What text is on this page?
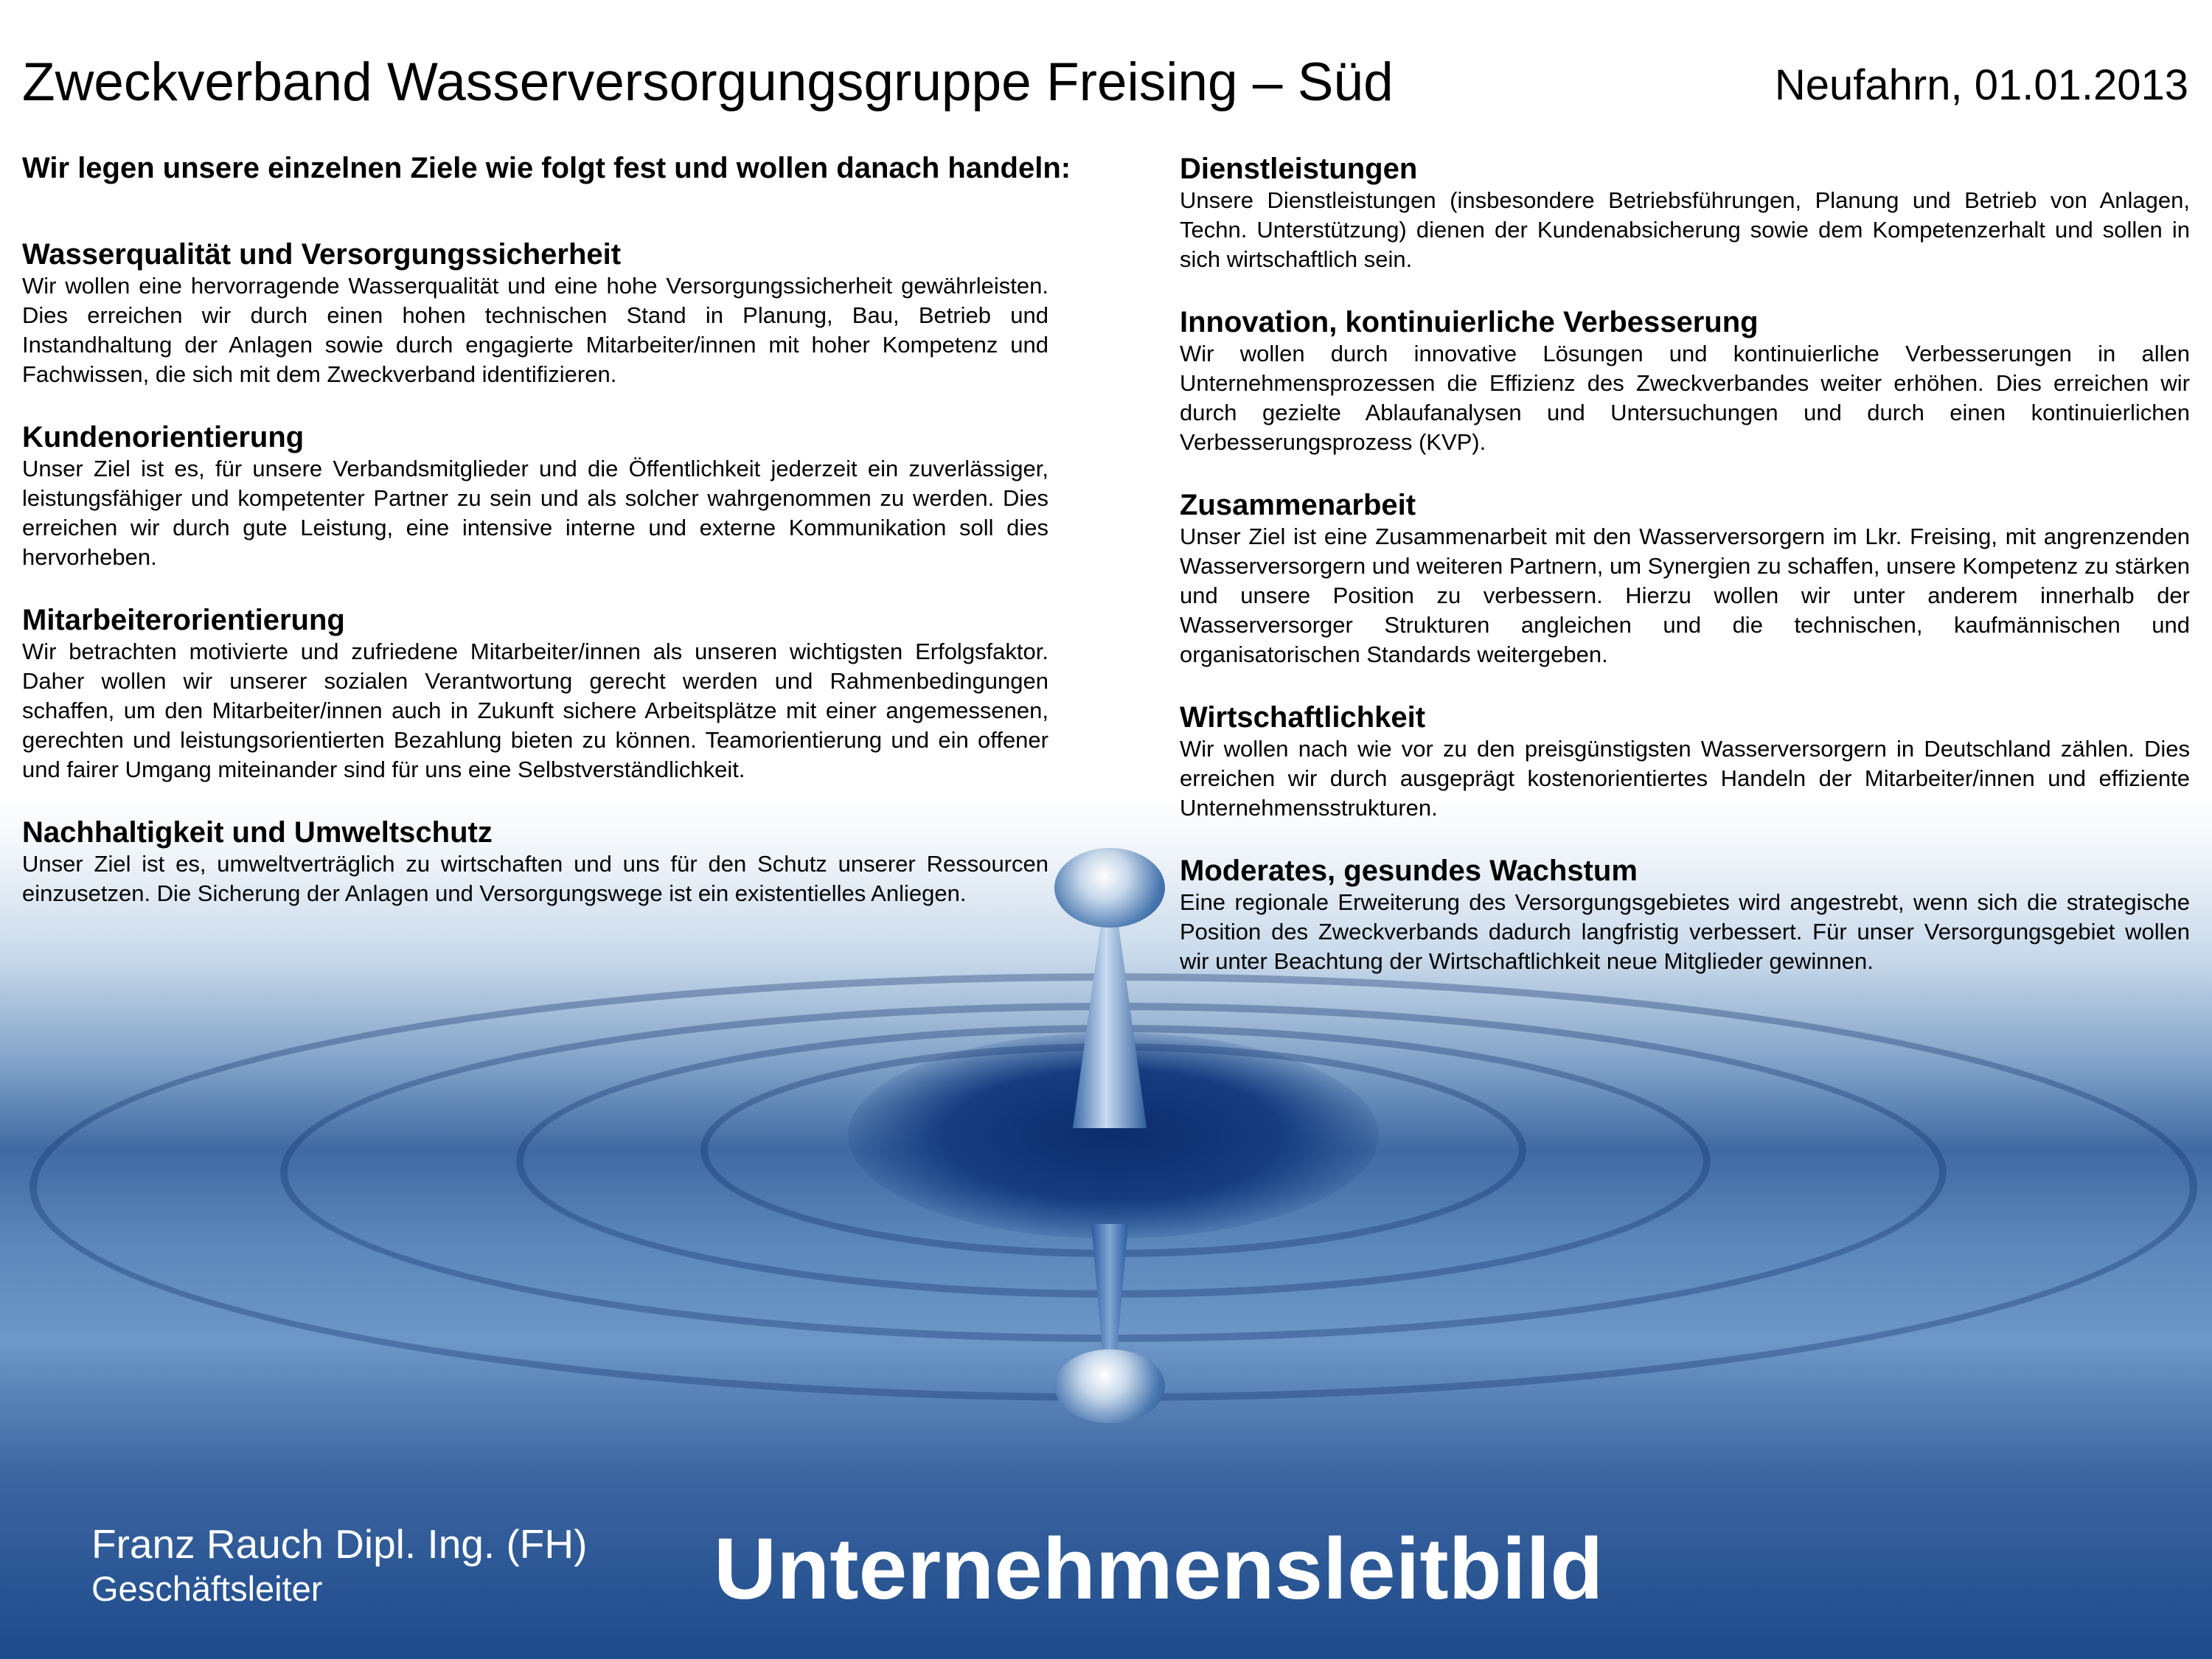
Zweckverband Wasserversorgungsgruppe Freising – Süd	Neufahrn, 01.01.2013
Wir legen unsere einzelnen Ziele wie folgt fest und wollen danach handeln:
Wasserqualität und Versorgungssicherheit

Wir wollen eine hervorragende Wasserqualität und eine hohe Versorgungssicherheit gewährleisten. Dies erreichen wir durch einen hohen technischen Stand in Planung, Bau, Betrieb und Instandhaltung der Anlagen sowie durch engagierte Mitarbeiter/innen mit hoher Kompetenz und Fachwissen, die sich mit dem Zweckverband identifizieren.

Kundenorientierung

Unser Ziel ist es, für unsere Verbandsmitglieder und die Öffentlichkeit jederzeit ein zuverlässiger, leistungsfähiger und kompetenter Partner zu sein und als solcher wahrgenommen zu werden. Dies erreichen wir durch gute Leistung, eine intensive interne und externe Kommunikation soll dies hervorheben.

Mitarbeiterorientierung

Wir betrachten motivierte und zufriedene Mitarbeiter/innen als unseren wichtigsten Erfolgsfaktor. Daher wollen wir unserer sozialen Verantwortung gerecht werden und Rahmenbedingungen schaffen, um den Mitarbeiter/innen auch in Zukunft sichere Arbeitsplätze mit einer angemessenen, gerechten und leistungsorientierten Bezahlung bieten zu können. Teamorientierung und ein offener und fairer Umgang miteinander sind für uns eine Selbstverständlichkeit.

Nachhaltigkeit und Umweltschutz

Unser Ziel ist es, umweltverträglich zu wirtschaften und uns für den Schutz unserer Ressourcen einzusetzen. Die Sicherung der Anlagen und Versorgungswege ist ein existentielles Anliegen.

Dienstleistungen

Unsere Dienstleistungen (insbesondere Betriebsführungen, Planung und Betrieb von Anlagen, Techn. Unterstützung) dienen der Kundenabsicherung sowie dem Kompetenzerhalt und sollen in sich wirtschaftlich sein.

Innovation, kontinuierliche Verbesserung

Wir wollen durch innovative Lösungen und kontinuierliche Verbesserungen in allen Unternehmensprozessen die Effizienz des Zweckverbandes weiter erhöhen. Dies erreichen wir durch gezielte Ablaufanalysen und Untersuchungen und durch einen kontinuierlichen Verbesserungsprozess (KVP).

Zusammenarbeit

Unser Ziel ist eine Zusammenarbeit mit den Wasserversorgern im Lkr. Freising, mit angrenzenden Wasserversorgern und weiteren Partnern, um Synergien zu schaffen, unsere Kompetenz zu stärken und unsere Position zu verbessern. Hierzu wollen wir unter anderem innerhalb der Wasserversorger Strukturen angleichen und die technischen, kaufmännischen und organisatorischen Standards weitergeben.

Wirtschaftlichkeit

Wir wollen nach wie vor zu den preisgünstigsten Wasserversorgern in Deutschland zählen. Dies erreichen wir durch ausgeprägt kostenorientiertes Handeln der Mitarbeiter/innen und effiziente Unternehmensstrukturen.

Moderates, gesundes Wachstum

Eine regionale Erweiterung des Versorgungsgebietes wird angestrebt, wenn sich die strategische Position des Zweckverbands dadurch langfristig verbessert. Für unser Versorgungsgebiet wollen wir unter Beachtung der Wirtschaftlichkeit neue Mitglieder gewinnen.

Franz Rauch Dipl. Ing. (FH)
Geschäftsleiter	Unternehmensleitbild
